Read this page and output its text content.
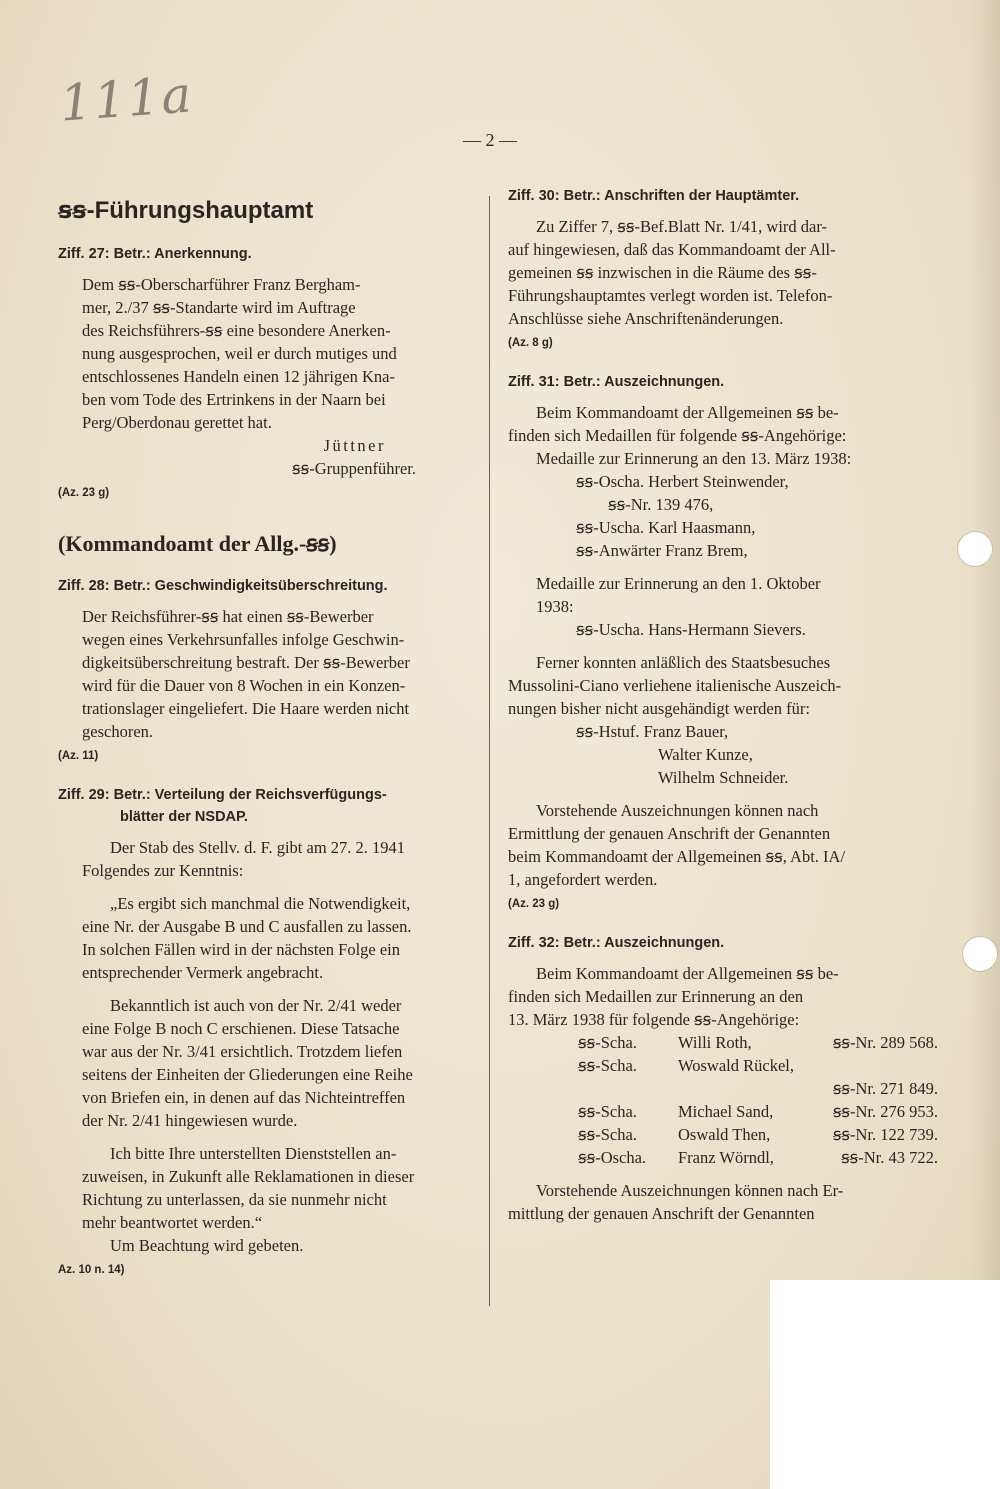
111a
— 2 —
ꞩꞩ-Führungshauptamt
Ziff. 27: Betr.: Anerkennung.

Dem ꞩꞩ-Oberscharführer Franz Bergham-

mer, 2./37 ꞩꞩ-Standarte wird im Auftrage

des Reichsführers-ꞩꞩ eine besondere Anerken-

nung ausgesprochen, weil er durch mutiges und

entschlossenes Handeln einen 12 jährigen Kna-

ben vom Tode des Ertrinkens in der Naarn bei

Perg/Oberdonau gerettet hat.

Jüttner

ꞩꞩ-Gruppenführer.

(Az. 23 g)
(Kommandoamt der Allg.-ꞩꞩ)
Ziff. 28: Betr.: Geschwindigkeitsüberschreitung.

Der Reichsführer-ꞩꞩ hat einen ꞩꞩ-Bewerber

wegen eines Verkehrsunfalles infolge Geschwin-

digkeitsüberschreitung bestraft. Der ꞩꞩ-Bewerber

wird für die Dauer von 8 Wochen in ein Konzen-

trationslager eingeliefert. Die Haare werden nicht

geschoren.

(Az. 11)
Ziff. 29: Betr.: Verteilung der Reichsverfügungs-
blätter der NSDAP.

Der Stab des Stellv. d. F. gibt am 27. 2. 1941

Folgendes zur Kenntnis:

„Es ergibt sich manchmal die Notwendigkeit,

eine Nr. der Ausgabe B und C ausfallen zu lassen.

In solchen Fällen wird in der nächsten Folge ein

entsprechender Vermerk angebracht.

Bekanntlich ist auch von der Nr. 2/41 weder

eine Folge B noch C erschienen. Diese Tatsache

war aus der Nr. 3/41 ersichtlich. Trotzdem liefen

seitens der Einheiten der Gliederungen eine Reihe

von Briefen ein, in denen auf das Nichteintreffen

der Nr. 2/41 hingewiesen wurde.

Ich bitte Ihre unterstellten Dienststellen an-

zuweisen, in Zukunft alle Reklamationen in dieser

Richtung zu unterlassen, da sie nunmehr nicht

mehr beantwortet werden.“

Um Beachtung wird gebeten.

Az. 10 n. 14)
Ziff. 30: Betr.: Anschriften der Hauptämter.

Zu Ziffer 7, ꞩꞩ-Bef.Blatt Nr. 1/41, wird dar-

auf hingewiesen, daß das Kommandoamt der All-

gemeinen ꞩꞩ inzwischen in die Räume des ꞩꞩ-

Führungshauptamtes verlegt worden ist. Telefon-

Anschlüsse siehe Anschriftenänderungen.

(Az. 8 g)
Ziff. 31: Betr.: Auszeichnungen.

Beim Kommandoamt der Allgemeinen ꞩꞩ be-

finden sich Medaillen für folgende ꞩꞩ-Angehörige:

Medaille zur Erinnerung an den 13. März 1938:

ꞩꞩ-Oscha. Herbert Steinwender,

ꞩꞩ-Nr. 139 476,

ꞩꞩ-Uscha. Karl Haasmann,

ꞩꞩ-Anwärter Franz Brem,

Medaille zur Erinnerung an den 1. Oktober

1938:

ꞩꞩ-Uscha. Hans-Hermann Sievers.

Ferner konnten anläßlich des Staatsbesuches

Mussolini-Ciano verliehene italienische Auszeich-

nungen bisher nicht ausgehändigt werden für:

ꞩꞩ-Hstuf. Franz Bauer,

Walter Kunze,

Wilhelm Schneider.

Vorstehende Auszeichnungen können nach

Ermittlung der genauen Anschrift der Genannten

beim Kommandoamt der Allgemeinen ꞩꞩ, Abt. IA/

1, angefordert werden.

(Az. 23 g)
Ziff. 32: Betr.: Auszeichnungen.

Beim Kommandoamt der Allgemeinen ꞩꞩ be-

finden sich Medaillen zur Erinnerung an den

13. März 1938 für folgende ꞩꞩ-Angehörige:

ꞩꞩ-Scha.	Willi Roth,	ꞩꞩ-Nr. 289 568.
ꞩꞩ-Scha.	Woswald Rückel,
ꞩꞩ-Nr. 271 849.
ꞩꞩ-Scha.	Michael Sand,	ꞩꞩ-Nr. 276 953.
ꞩꞩ-Scha.	Oswald Then,	ꞩꞩ-Nr. 122 739.
ꞩꞩ-Oscha.	Franz Wörndl,	ꞩꞩ-Nr. 43 722.

Vorstehende Auszeichnungen können nach Er-

mittlung der genauen Anschrift der Genannten
